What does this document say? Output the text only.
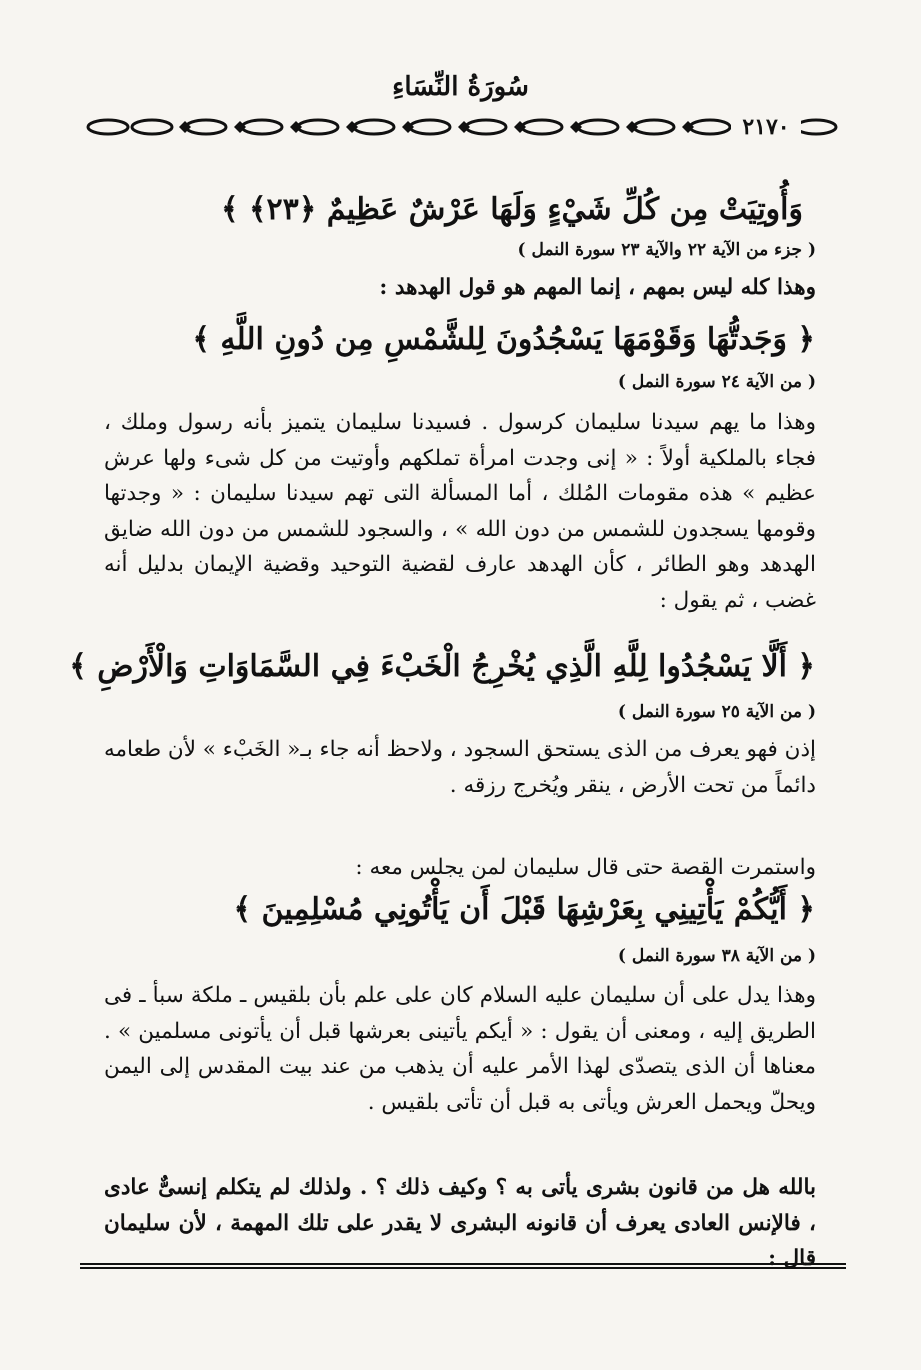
سُورَةُ النِّسَاءِ
٢١٧٠
وَأُوتِيَتْ مِن كُلِّ شَيْءٍ وَلَهَا عَرْشٌ عَظِيمٌ ﴿٢٣﴾ ﴾
( جزء من الآية ٢٢ والآية ٢٣ سورة النمل )
وهذا كله ليس بمهم ، إنما المهم هو قول الهدهد :
﴿ وَجَدتُّهَا وَقَوْمَهَا يَسْجُدُونَ لِلشَّمْسِ مِن دُونِ اللَّهِ ﴾
( من الآية ٢٤ سورة النمل )
وهذا ما يهم سيدنا سليمان كرسول . فسيدنا سليمان يتميز بأنه رسول وملك ، فجاء بالملكية أولاً : « إنى وجدت امرأة تملكهم وأوتيت من كل شىء ولها عرش عظيم » هذه مقومات المُلك ، أما المسألة التى تهم سيدنا سليمان : « وجدتها وقومها يسجدون للشمس من دون الله » ، والسجود للشمس من دون الله ضايق الهدهد وهو الطائر ، كأن الهدهد عارف لقضية التوحيد وقضية الإيمان بدليل أنه غضب ، ثم يقول :
﴿ أَلَّا يَسْجُدُوا لِلَّهِ الَّذِي يُخْرِجُ الْخَبْءَ فِي السَّمَاوَاتِ وَالْأَرْضِ ﴾
( من الآية ٢٥ سورة النمل )
إذن فهو يعرف من الذى يستحق السجود ، ولاحظ أنه جاء بـ« الخَبْء » لأن طعامه دائماً من تحت الأرض ، ينقر ويُخرج رزقه .
واستمرت القصة حتى قال سليمان لمن يجلس معه :
﴿ أَيُّكُمْ يَأْتِينِي بِعَرْشِهَا قَبْلَ أَن يَأْتُونِي مُسْلِمِينَ ﴾
( من الآية ٣٨ سورة النمل )
وهذا يدل على أن سليمان عليه السلام كان على علم بأن بلقيس ـ ملكة سبأ ـ فى الطريق إليه ، ومعنى أن يقول : « أيكم يأتينى بعرشها قبل أن يأتونى مسلمين » . معناها أن الذى يتصدّى لهذا الأمر عليه أن يذهب من عند بيت المقدس إلى اليمن ويحلّ ويحمل العرش ويأتى به قبل أن تأتى بلقيس .
بالله هل من قانون بشرى يأتى به ؟ وكيف ذلك ؟ . ولذلك لم يتكلم إنسىٌّ عادى ، فالإنس العادى يعرف أن قانونه البشرى لا يقدر على تلك المهمة ، لأن سليمان قال :
